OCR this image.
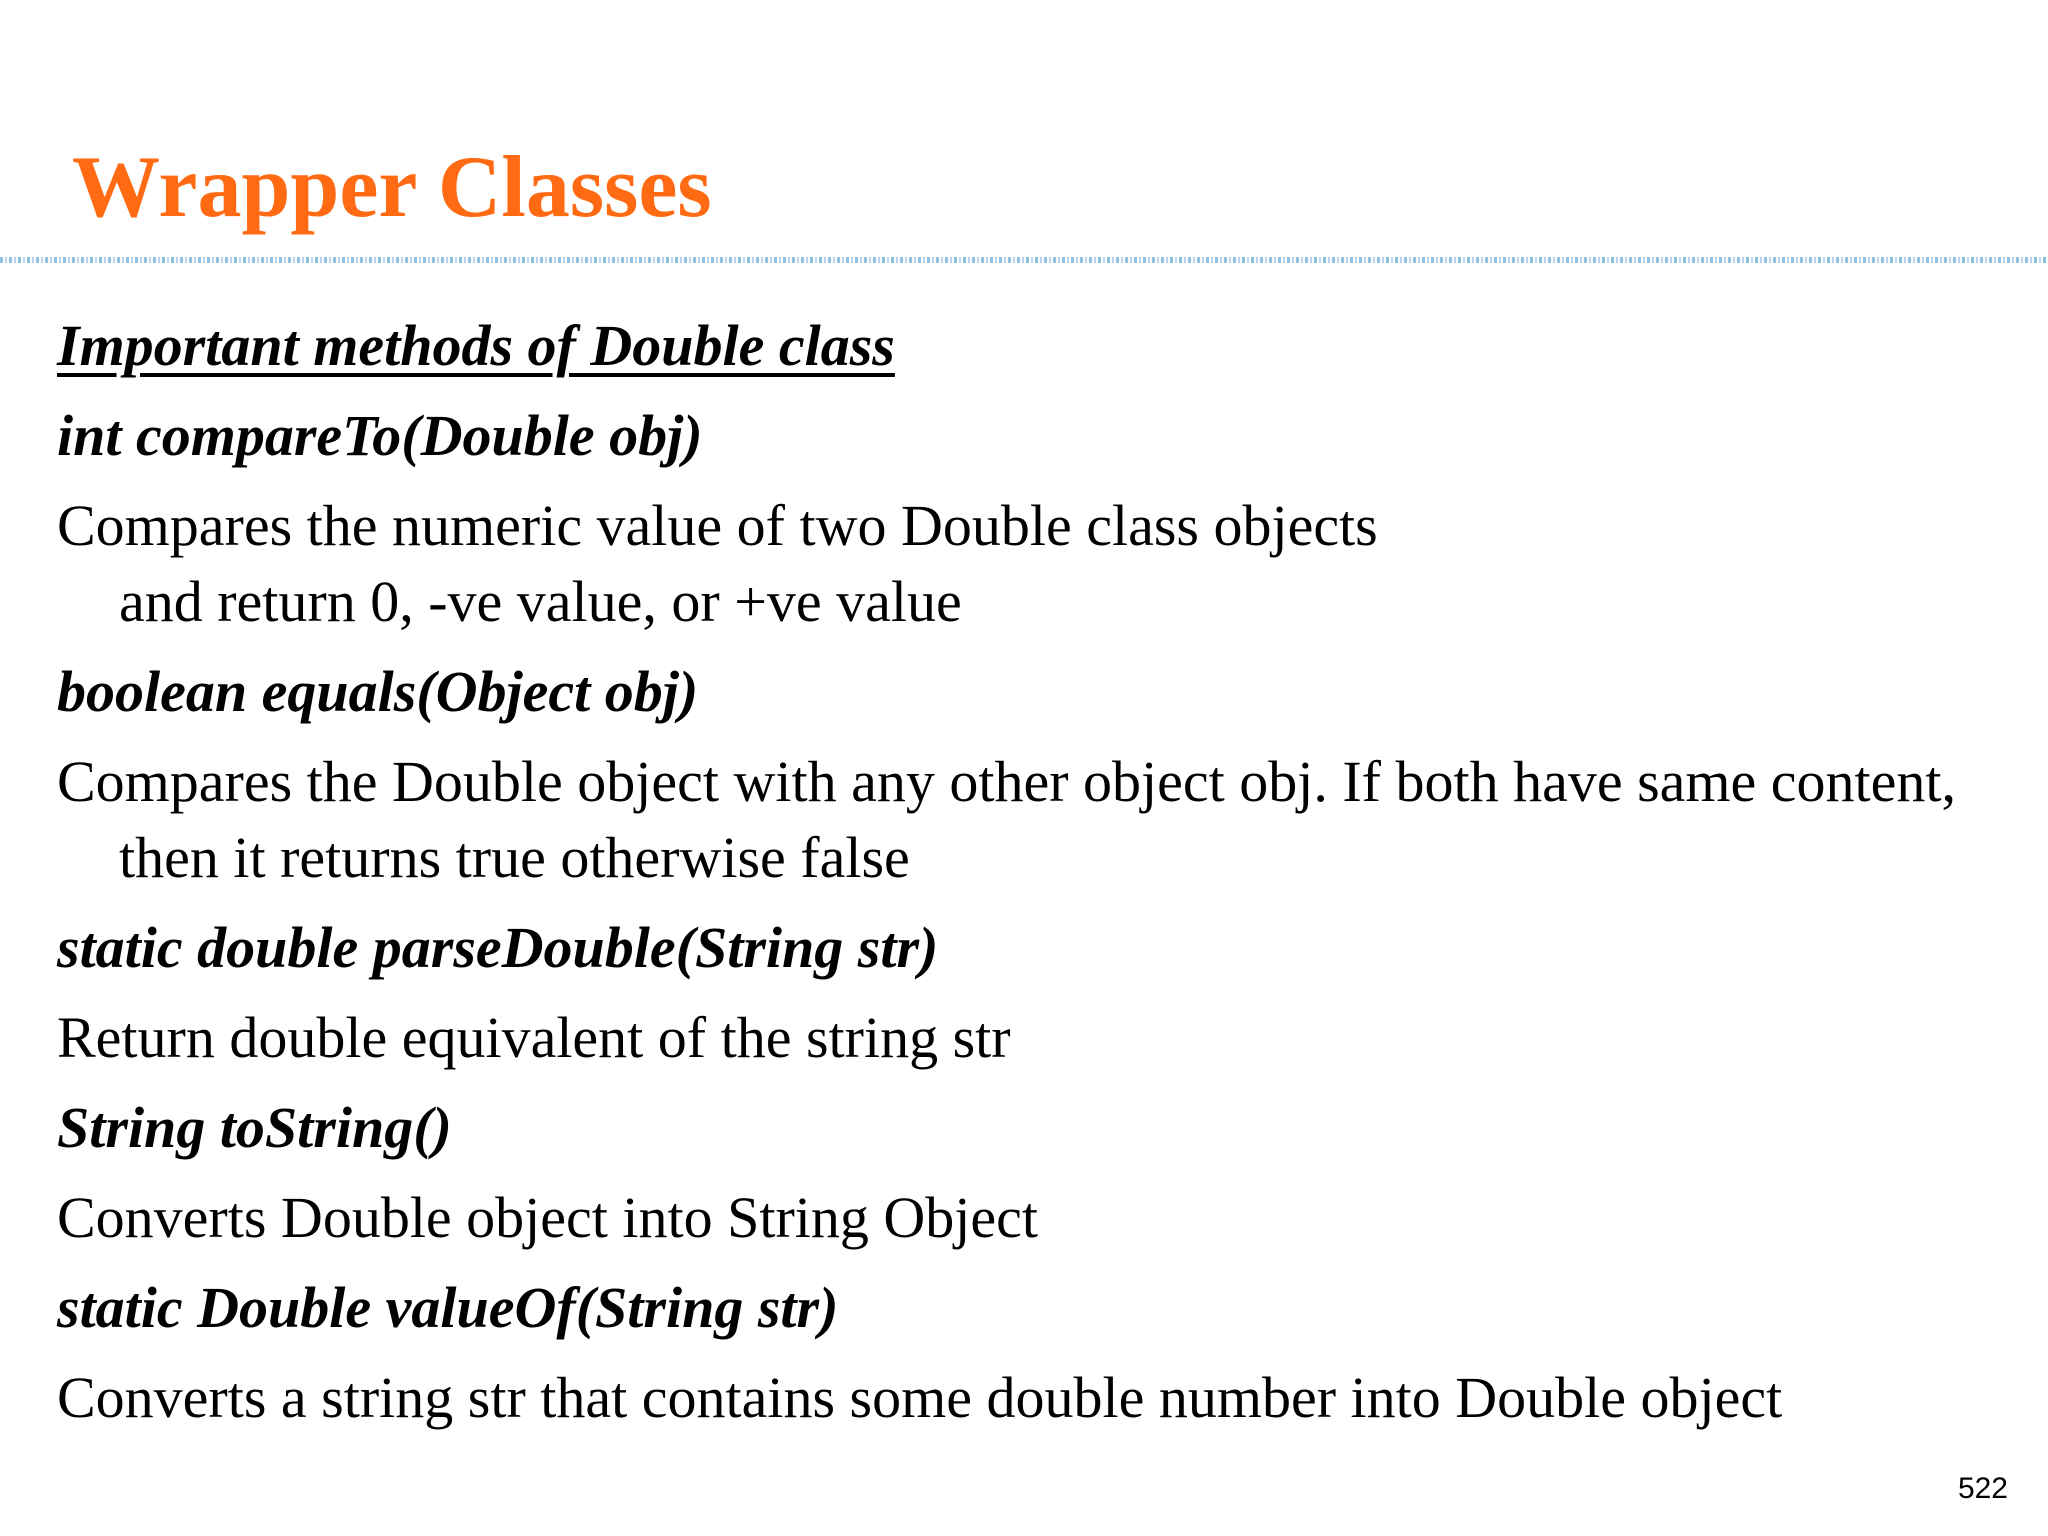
Wrapper Classes
Important methods of Double class
int compareTo(Double obj)
Compares the numeric value of two Double class objects and return 0, -ve value, or +ve value
boolean equals(Object obj)
Compares the Double object with any other object obj. If both have same content, then it returns true otherwise false
static double parseDouble(String str)
Return double equivalent of the string str
String toString()
Converts Double object into String Object
static Double valueOf(String str)
Converts a string str that contains some double number into Double object
522
